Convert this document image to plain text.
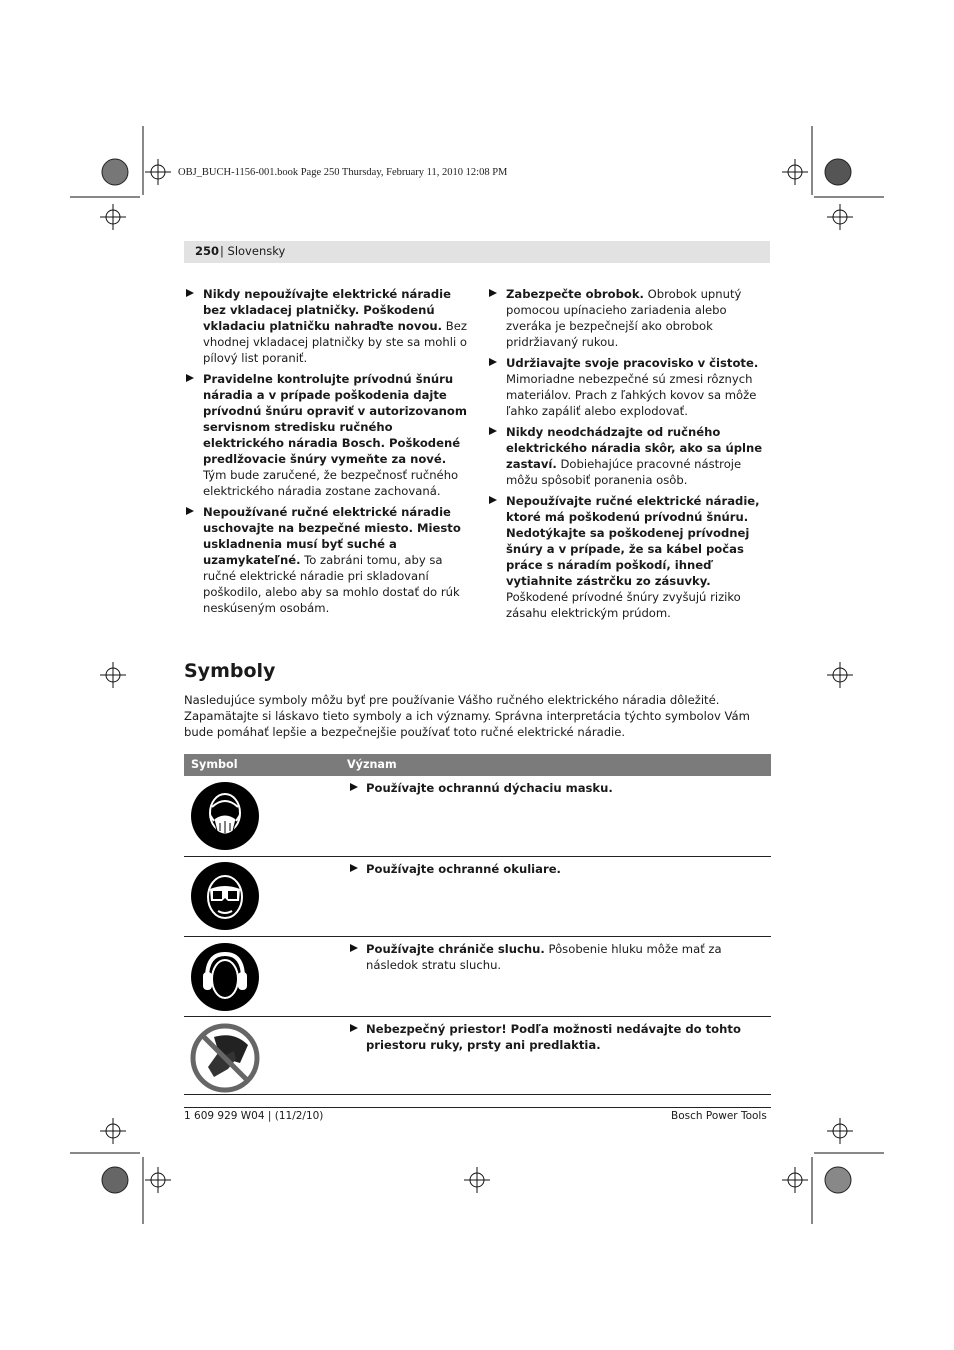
OBJ_BUCH-1156-001.book Page 250 Thursday, February 11, 2010 12:08 PM
250 | Slovensky
Nikdy nepoužívajte elektrické náradie bez vkladacej platničky. Poškodenú vkladaciu platničku nahraďte novou. Bez vhodnej vkladacej platničky by ste sa mohli o pílový list poraniť.
Pravidelne kontrolujte prívodnú šnúru náradia a v prípade poškodenia dajte prívodnú šnúru opraviť v autorizovanom servisnom stredisku ručného elektrického náradia Bosch. Poškodené predlžovacie šnúry vymeňte za nové. Tým bude zaručené, že bezpečnosť ručného elektrického náradia zostane zachovaná.
Nepoužívané ručné elektrické náradie uschovajte na bezpečné miesto. Miesto uskladnenia musí byť suché a uzamykateľné. To zabráni tomu, aby sa ručné elektrické náradie pri skladovaní poškodilo, alebo aby sa mohlo dostať do rúk neskúseným osobám.
Zabezpečte obrobok. Obrobok upnutý pomocou upínacieho zariadenia alebo zveráka je bezpečnejší ako obrobok pridržiavaný rukou.
Udržiavajte svoje pracovisko v čistote. Mimoriadne nebezpečné sú zmesi rôznych materiálov. Prach z ľahkých kovov sa môže ľahko zapáliť alebo explodovať.
Nikdy neodchádzajte od ručného elektrického náradia skôr, ako sa úplne zastaví. Dobiehajúce pracovné nástroje môžu spôsobiť poranenia osôb.
Nepoužívajte ručné elektrické náradie, ktoré má poškodenú prívodnú šnúru. Nedotýkajte sa poškodenej prívodnej šnúry a v prípade, že sa kábel počas práce s náradím poškodí, ihneď vytiahnite zástrčku zo zásuvky. Poškodené prívodné šnúry zvyšujú riziko zásahu elektrickým prúdom.
Symboly
Nasledujúce symboly môžu byť pre používanie Vášho ručného elektrického náradia dôležité. Zapamätajte si láskavo tieto symboly a ich významy. Správna interpretácia týchto symbolov Vám bude pomáhať lepšie a bezpečnejšie používať toto ručné elektrické náradie.
Symbol	Význam
Používajte ochrannú dýchaciu masku.
Používajte ochranné okuliare.
Používajte chrániče sluchu. Pôsobenie hluku môže mať za následok stratu sluchu.
Nebezpečný priestor! Podľa možnosti nedávajte do tohto priestoru ruky, prsty ani predlaktia.
1 609 929 W04 | (11/2/10)	Bosch Power Tools
